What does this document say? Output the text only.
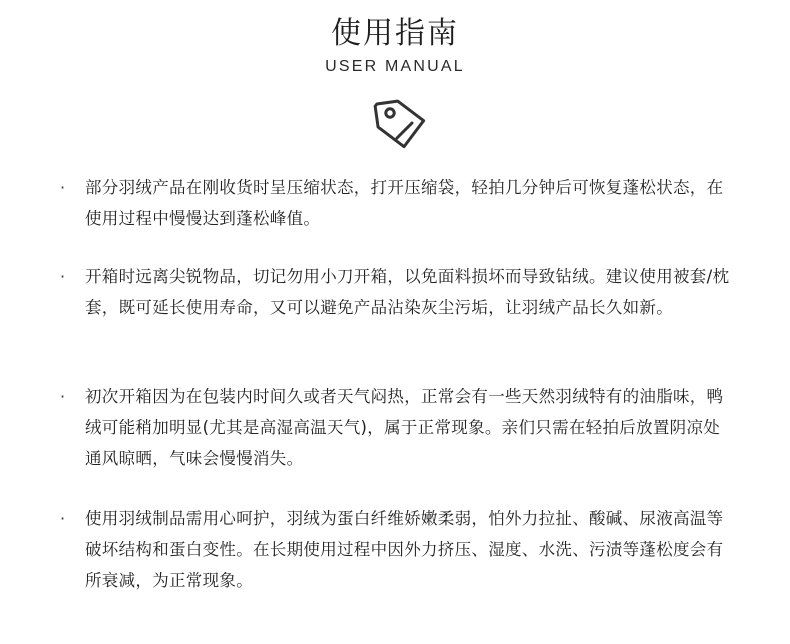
使用指南
USER MANUAL
· 部分羽绒产品在刚收货时呈压缩状态，打开压缩袋，轻拍几分钟后可恢复蓬松状态，在使用过程中慢慢达到蓬松峰值。
· 开箱时远离尖锐物品，切记勿用小刀开箱，以免面料损坏而导致钻绒。建议使用被套/枕套，既可延长使用寿命，又可以避免产品沾染灰尘污垢，让羽绒产品长久如新。
· 初次开箱因为在包装内时间久或者天气闷热，正常会有一些天然羽绒特有的油脂味，鸭绒可能稍加明显(尤其是高湿高温天气)，属于正常现象。亲们只需在轻拍后放置阴凉处通风晾晒，气味会慢慢消失。
· 使用羽绒制品需用心呵护，羽绒为蛋白纤维娇嫩柔弱，怕外力拉扯、酸碱、尿液高温等破坏结构和蛋白变性。在长期使用过程中因外力挤压、湿度、水洗、污渍等蓬松度会有所衰减，为正常现象。
